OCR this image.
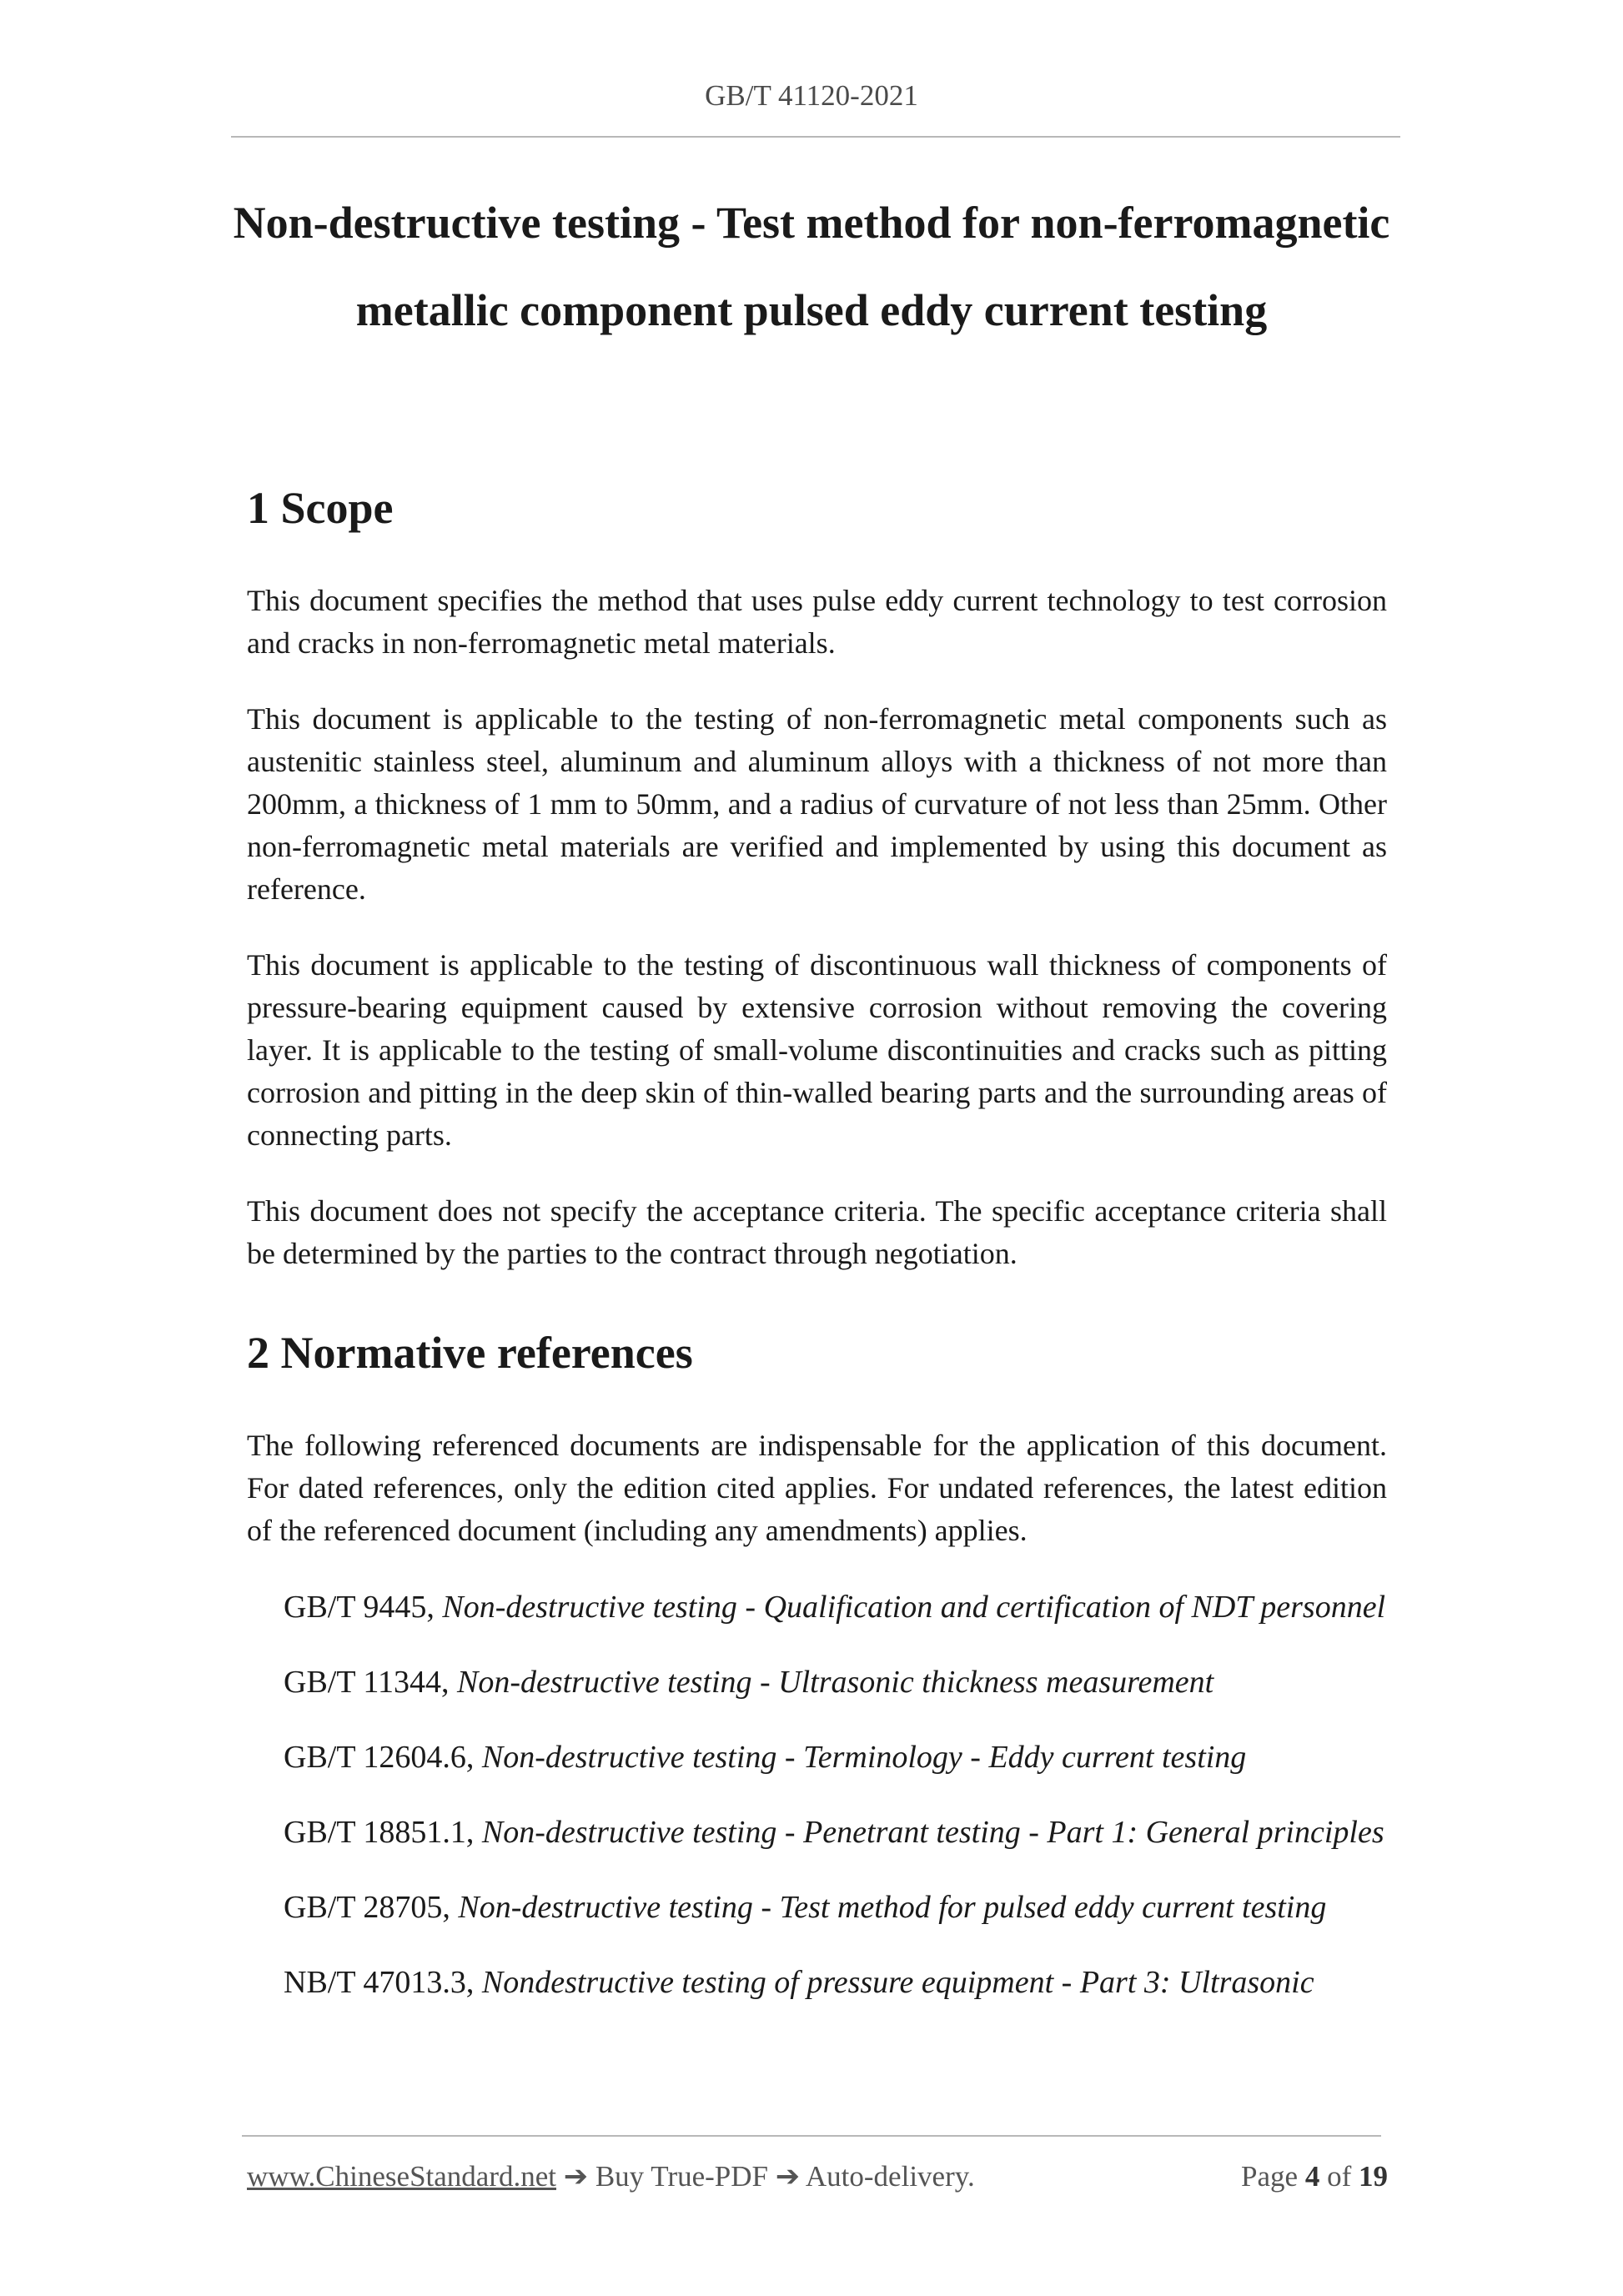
GB/T 41120-2021
Non-destructive testing - Test method for non-ferromagnetic
metallic component pulsed eddy current testing
1 Scope

This document specifies the method that uses pulse eddy current technology to test corrosion and cracks in non-ferromagnetic metal materials.

This document is applicable to the testing of non-ferromagnetic metal components such as austenitic stainless steel, aluminum and aluminum alloys with a thickness of not more than 200mm, a thickness of 1 mm to 50mm, and a radius of curvature of not less than 25mm. Other non-ferromagnetic metal materials are verified and implemented by using this document as reference.

This document is applicable to the testing of discontinuous wall thickness of components of pressure-bearing equipment caused by extensive corrosion without removing the covering layer. It is applicable to the testing of small-volume discontinuities and cracks such as pitting corrosion and pitting in the deep skin of thin-walled bearing parts and the surrounding areas of connecting parts.

This document does not specify the acceptance criteria. The specific acceptance criteria shall be determined by the parties to the contract through negotiation.

2 Normative references

The following referenced documents are indispensable for the application of this document. For dated references, only the edition cited applies. For undated references, the latest edition of the referenced document (including any amendments) applies.

GB/T 9445, Non-destructive testing - Qualification and certification of NDT personnel
GB/T 11344, Non-destructive testing - Ultrasonic thickness measurement
GB/T 12604.6, Non-destructive testing - Terminology - Eddy current testing
GB/T 18851.1, Non-destructive testing - Penetrant testing - Part 1: General principles
GB/T 28705, Non-destructive testing - Test method for pulsed eddy current testing
NB/T 47013.3, Nondestructive testing of pressure equipment - Part 3: Ultrasonic
www.ChineseStandard.net ➔ Buy True-PDF ➔ Auto-delivery.	Page 4 of 19
